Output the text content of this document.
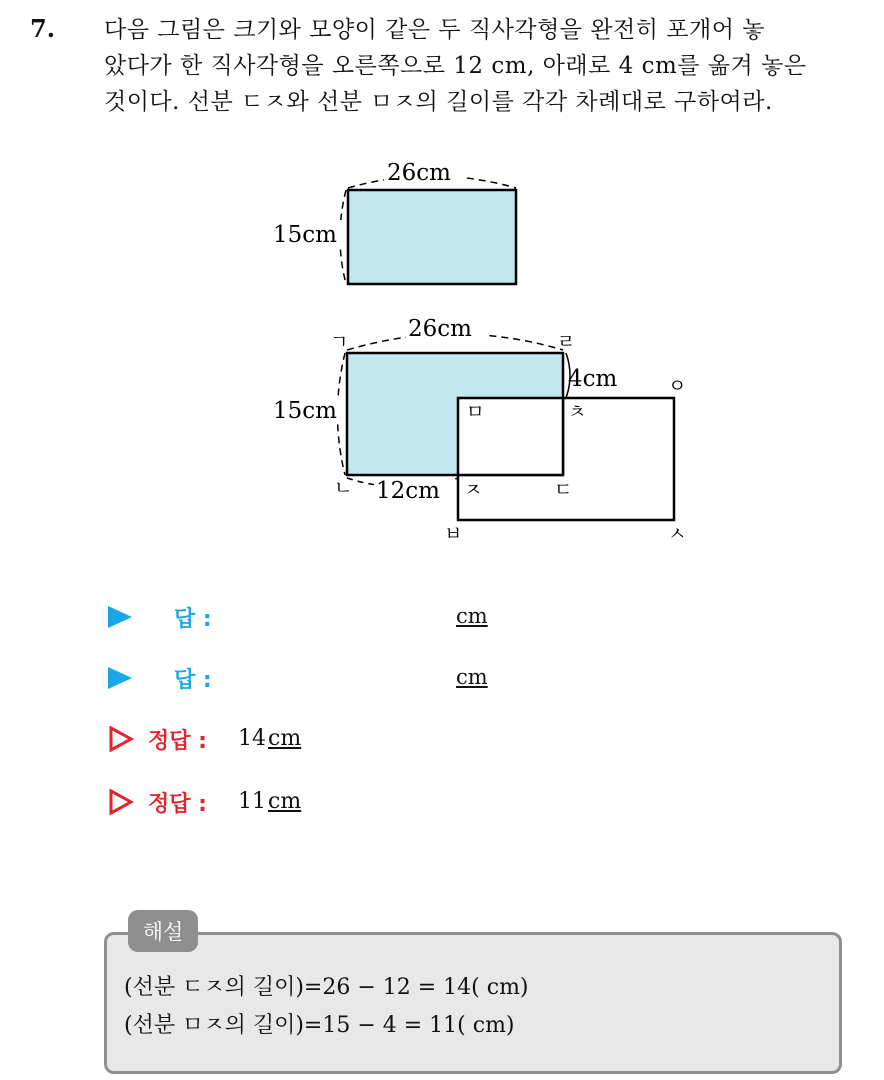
7. 다음 그림은 크기와 모양이 같은 두 직사각형을 완전히 포개어 놓
았다가 한 직사각형을 오른쪽으로 12 cm, 아래로 4 cm를 옮겨 놓은
것이다. 선분 ㄷㅈ와 선분 ㅁㅈ의 길이를 각각 차례대로 구하여라.
26cm
15cm
26cm
15cm
4cm
12cm
ㄱ	ㄹ
ㅇ
ㅁ	ㅊ
ㄴ	ㅈ	ㄷ
ㅂ	ㅅ
답 :	cm
답 :	cm
정답 : 14cm
정답 : 11cm
해설
(선분 ㄷㅈ의 길이)=26 − 12 = 14( cm)
(선분 ㅁㅈ의 길이)=15 − 4 = 11( cm)
